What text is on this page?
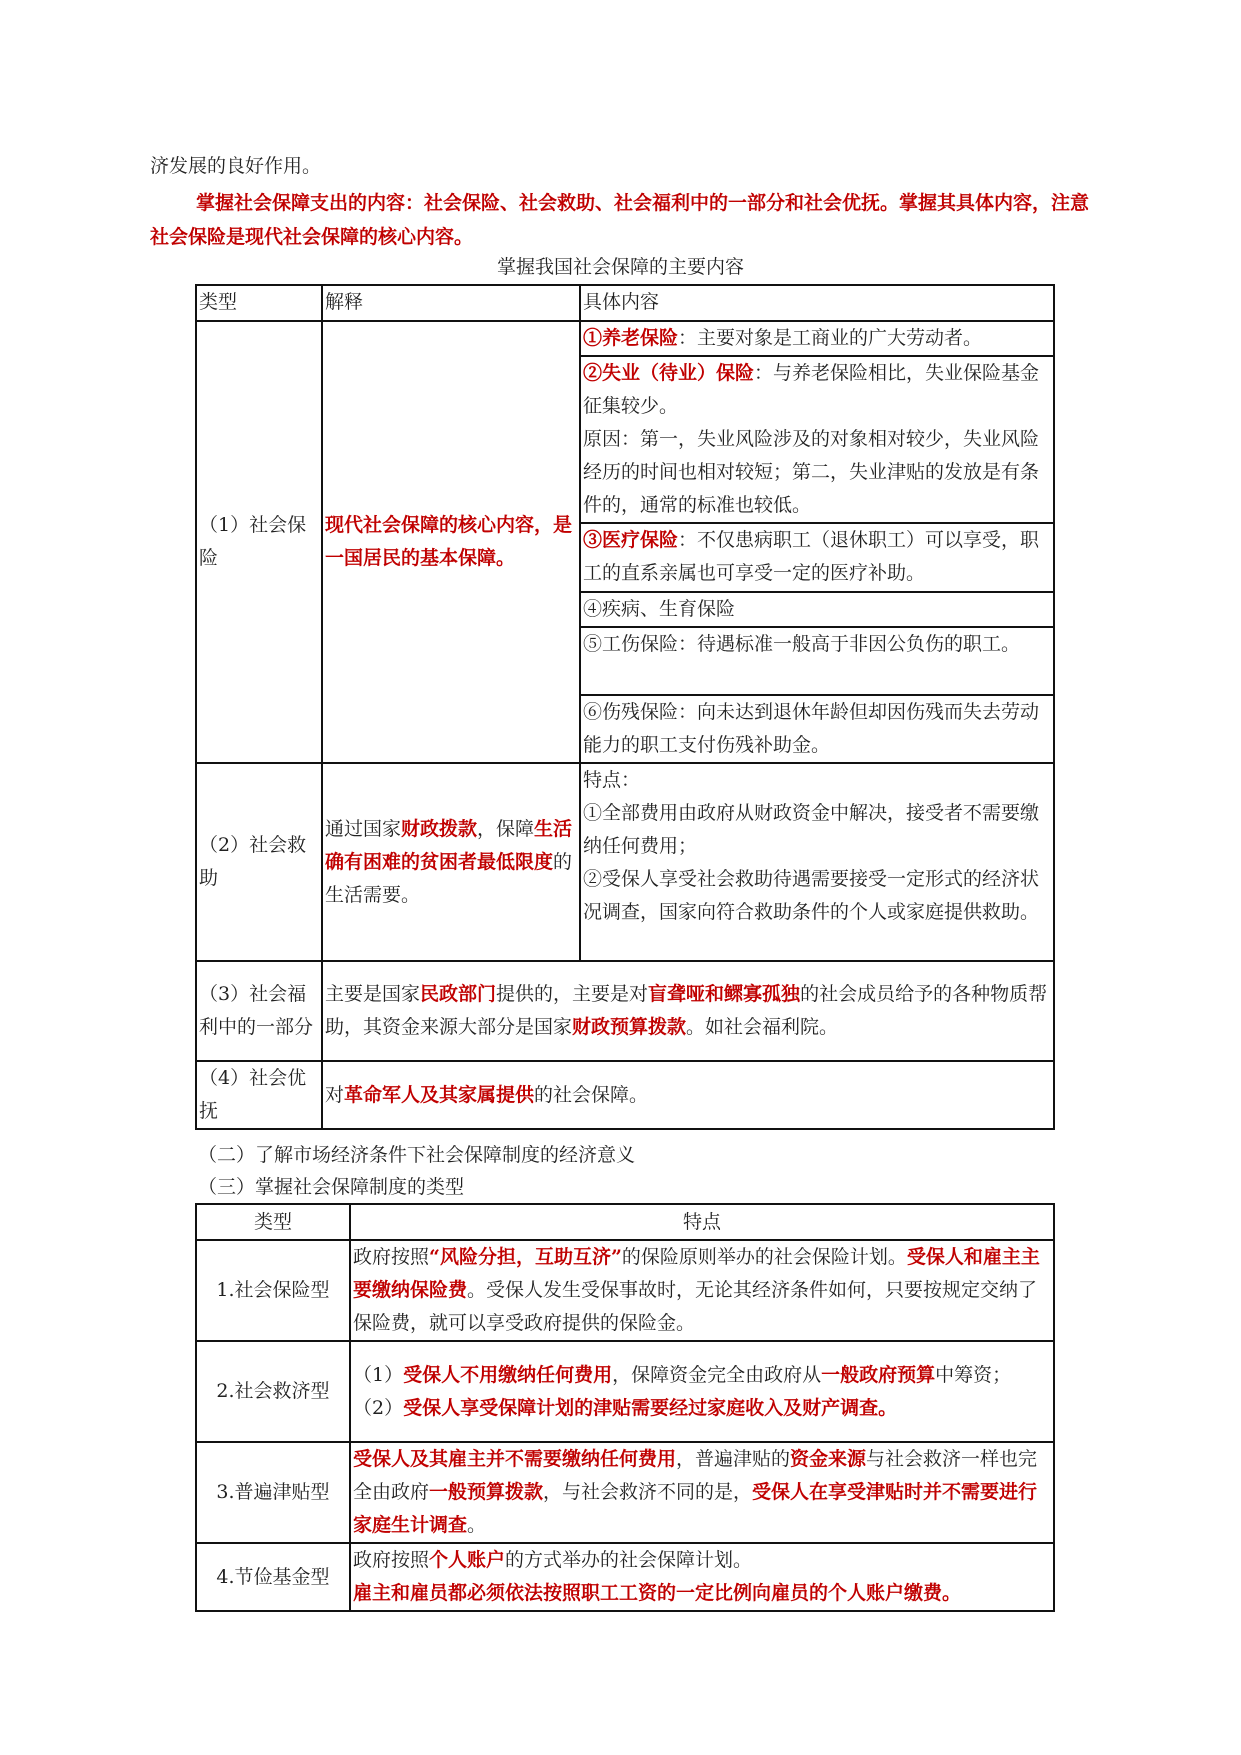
济发展的良好作用。
掌握社会保障支出的内容：社会保险、社会救助、社会福利中的一部分和社会优抚。掌握其具体内容，注意社会保险是现代社会保障的核心内容。
掌握我国社会保障的主要内容
类型	解释	具体内容
（1）社会保险	现代社会保障的核心内容，是一国居民的基本保障。	①养老保险：主要对象是工商业的广大劳动者。
		②失业（待业）保险：与养老保险相比，失业保险基金征集较少。
原因：第一，失业风险涉及的对象相对较少，失业风险经历的时间也相对较短；第二，失业津贴的发放是有条件的，通常的标准也较低。
		③医疗保险：不仅患病职工（退休职工）可以享受，职工的直系亲属也可享受一定的医疗补助。
		④疾病、生育保险
		⑤工伤保险：待遇标准一般高于非因公负伤的职工。
		⑥伤残保险：向未达到退休年龄但却因伤残而失去劳动能力的职工支付伤残补助金。
（2）社会救助	通过国家财政拨款，保障生活确有困难的贫困者最低限度的生活需要。	特点：
①全部费用由政府从财政资金中解决，接受者不需要缴纳任何费用；
②受保人享受社会救助待遇需要接受一定形式的经济状况调查，国家向符合救助条件的个人或家庭提供救助。

（3）社会福利中的一部分	主要是国家民政部门提供的，主要是对盲聋哑和鳏寡孤独的社会成员给予的各种物质帮助，其资金来源大部分是国家财政预算拨款。如社会福利院。	
（4）社会优抚	对革命军人及其家属提供的社会保障。	
（二）了解市场经济条件下社会保障制度的经济意义
（三）掌握社会保障制度的类型
类型	特点
1.社会保险型	政府按照“风险分担，互助互济”的保险原则举办的社会保险计划。受保人和雇主主要缴纳保险费。受保人发生受保事故时，无论其经济条件如何，只要按规定交纳了保险费，就可以享受政府提供的保险金。
2.社会救济型	（1）受保人不用缴纳任何费用，保障资金完全由政府从一般政府预算中筹资；
（2）受保人享受保障计划的津贴需要经过家庭收入及财产调查。
3.普遍津贴型	受保人及其雇主并不需要缴纳任何费用，普遍津贴的资金来源与社会救济一样也完全由政府一般预算拨款，与社会救济不同的是，受保人在享受津贴时并不需要进行家庭生计调查。
4.节俭基金型	政府按照个人账户的方式举办的社会保障计划。
雇主和雇员都必须依法按照职工工资的一定比例向雇员的个人账户缴费。
